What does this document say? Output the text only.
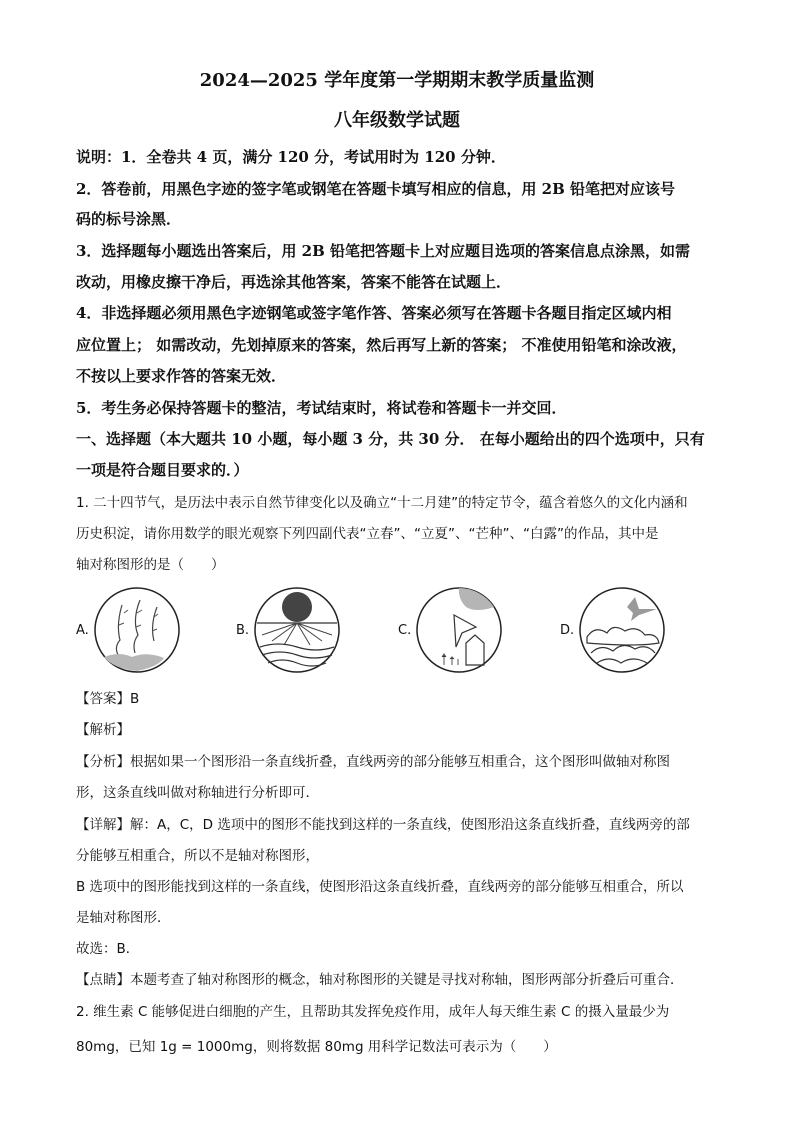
2024—2025 学年度第一学期期末教学质量监测
八年级数学试题
说明：1．全卷共 4 页，满分 120 分，考试用时为 120 分钟．
2．答卷前，用黑色字迹的签字笔或钢笔在答题卡填写相应的信息，用 2B 铅笔把对应该号
码的标号涂黑．
3．选择题每小题选出答案后，用 2B 铅笔把答题卡上对应题目选项的答案信息点涂黑，如需
改动，用橡皮擦干净后，再选涂其他答案，答案不能答在试题上．
4．非选择题必须用黑色字迹钢笔或签字笔作答、答案必须写在答题卡各题目指定区域内相
应位置上； 如需改动，先划掉原来的答案，然后再写上新的答案； 不准使用铅笔和涂改液，
不按以上要求作答的答案无效．
5．考生务必保持答题卡的整洁，考试结束时，将试卷和答题卡一并交回．
一、选择题（本大题共 10 小题，每小题 3 分，共 30 分． 在每小题给出的四个选项中，只有
一项是符合题目要求的．）
1. 二十四节气，是历法中表示自然节律变化以及确立“十二月建”的特定节令，蕴含着悠久的文化内涵和
历史积淀，请你用数学的眼光观察下列四副代表“立春”、“立夏”、“芒种”、“白露”的作品，其中是
轴对称图形的是（　　）
A.	B.	C.	D.
【答案】B
【解析】
【分析】根据如果一个图形沿一条直线折叠，直线两旁的部分能够互相重合，这个图形叫做轴对称图
形，这条直线叫做对称轴进行分析即可．
【详解】解：A，C，D 选项中的图形不能找到这样的一条直线，使图形沿这条直线折叠，直线两旁的部
分能够互相重合，所以不是轴对称图形，
B 选项中的图形能找到这样的一条直线，使图形沿这条直线折叠，直线两旁的部分能够互相重合，所以
是轴对称图形．
故选：B．
【点睛】本题考查了轴对称图形的概念，轴对称图形的关键是寻找对称轴，图形两部分折叠后可重合．
2. 维生素 C 能够促进白细胞的产生，且帮助其发挥免疫作用，成年人每天维生素 C 的摄入量最少为
80mg，已知 1g = 1000mg，则将数据 80mg 用科学记数法可表示为（　　）
